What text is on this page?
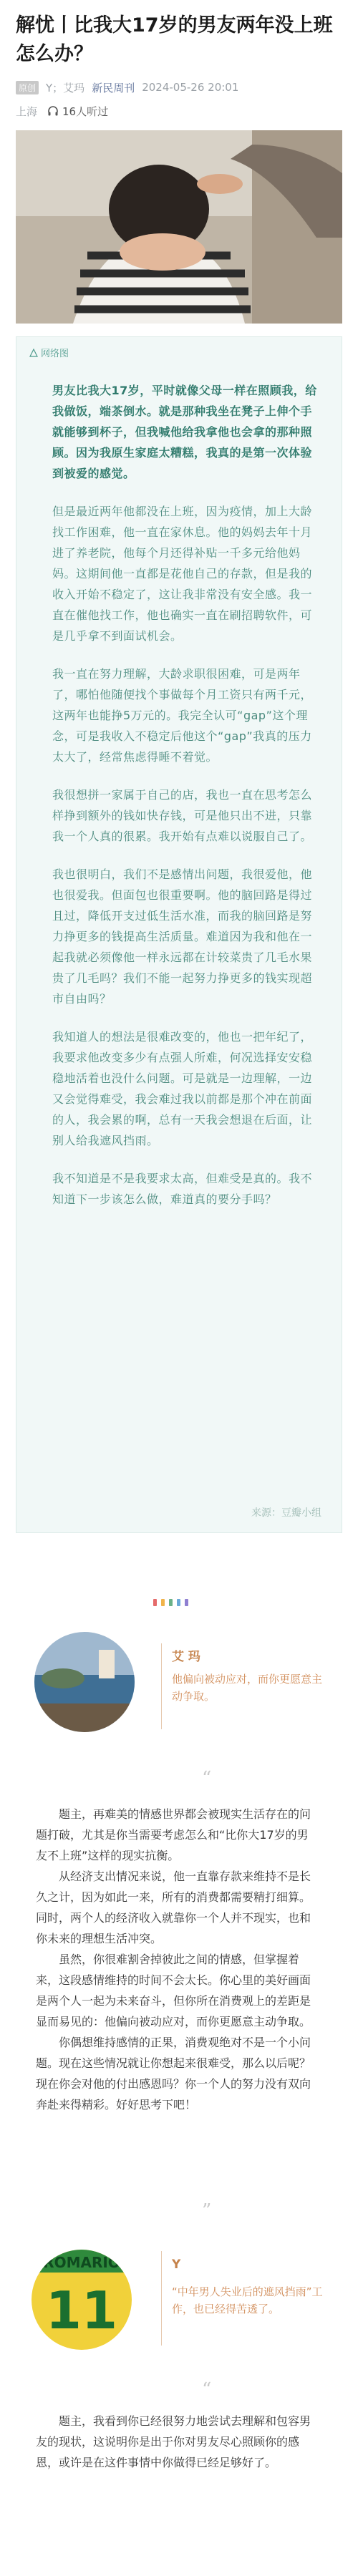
解忧丨比我大17岁的男友两年没上班怎么办？
原创 Y；艾玛 新民周刊 2024-05-26 20:01
上海 16人听过
网络图

男友比我大17岁，平时就像父母一样在照顾我，给我做饭，端茶倒水。就是那种我坐在凳子上伸个手就能够到杯子，但我喊他给我拿他也会拿的那种照顾。因为我原生家庭太糟糕，我真的是第一次体验到被爱的感觉。

但是最近两年他都没在上班，因为疫情，加上大龄找工作困难，他一直在家休息。他的妈妈去年十月进了养老院，他每个月还得补贴一千多元给他妈妈。这期间他一直都是花他自己的存款，但是我的收入开始不稳定了，这让我非常没有安全感。我一直在催他找工作，他也确实一直在刷招聘软件，可是几乎拿不到面试机会。

我一直在努力理解，大龄求职很困难，可是两年了，哪怕他随便找个事做每个月工资只有两千元，这两年也能挣5万元的。我完全认可“gap”这个理念，可是我收入不稳定后他这个“gap”我真的压力太大了，经常焦虑得睡不着觉。

我很想拼一家属于自己的店，我也一直在思考怎么样挣到额外的钱如快存钱，可是他只出不进，只靠我一个人真的很累。我开始有点难以说服自己了。

我也很明白，我们不是感情出问题，我很爱他，他也很爱我。但面包也很重要啊。他的脑回路是得过且过，降低开支过低生活水准，而我的脑回路是努力挣更多的钱提高生活质量。难道因为我和他在一起我就必须像他一样永远都在计较菜贵了几毛水果贵了几毛吗？我们不能一起努力挣更多的钱实现超市自由吗？

我知道人的想法是很难改变的，他也一把年纪了，我要求他改变多少有点强人所难，何况选择安安稳稳地活着也没什么问题。可是就是一边理解，一边又会觉得难受，我会难过我以前都是那个冲在前面的人，我会累的啊，总有一天我会想退在后面，让别人给我遮风挡雨。

我不知道是不是我要求太高，但难受是真的。我不知道下一步该怎么做，难道真的要分手吗？

来源：豆瓣小组
艾 玛
他偏向被动应对，而你更愿意主动争取。
“

题主，再难美的情感世界都会被现实生活存在的问题打破，尤其是你当需要考虑怎么和“比你大17岁的男友不上班”这样的现实抗衡。

从经济支出情况来说，他一直靠存款来维持不是长久之计，因为如此一来，所有的消费都需要精打细算。同时，两个人的经济收入就靠你一个人并不现实，也和你未来的理想生活冲突。

虽然，你很难割舍掉彼此之间的情感，但掌握着来，这段感情维持的时间不会太长。你心里的美好画面是两个人一起为未来奋斗，但你所在消费观上的差距是显而易见的：他偏向被动应对，而你更愿意主动争取。

你偶想维持感情的正果，消费观绝对不是一个小问题。现在这些情况就让你想起来很难受，那么以后呢？现在你会对他的付出感恩吗？你一个人的努力没有双向奔赴来得精彩。好好思考下吧！

”
ROMARIO
11
Y
“中年男人失业后的遮风挡雨”工作，也已经得苦透了。
“

题主，我看到你已经很努力地尝试去理解和包容男友的现状，这说明你是出于你对男友尽心照顾你的感恩，或许是在这件事情中你做得已经足够好了。
